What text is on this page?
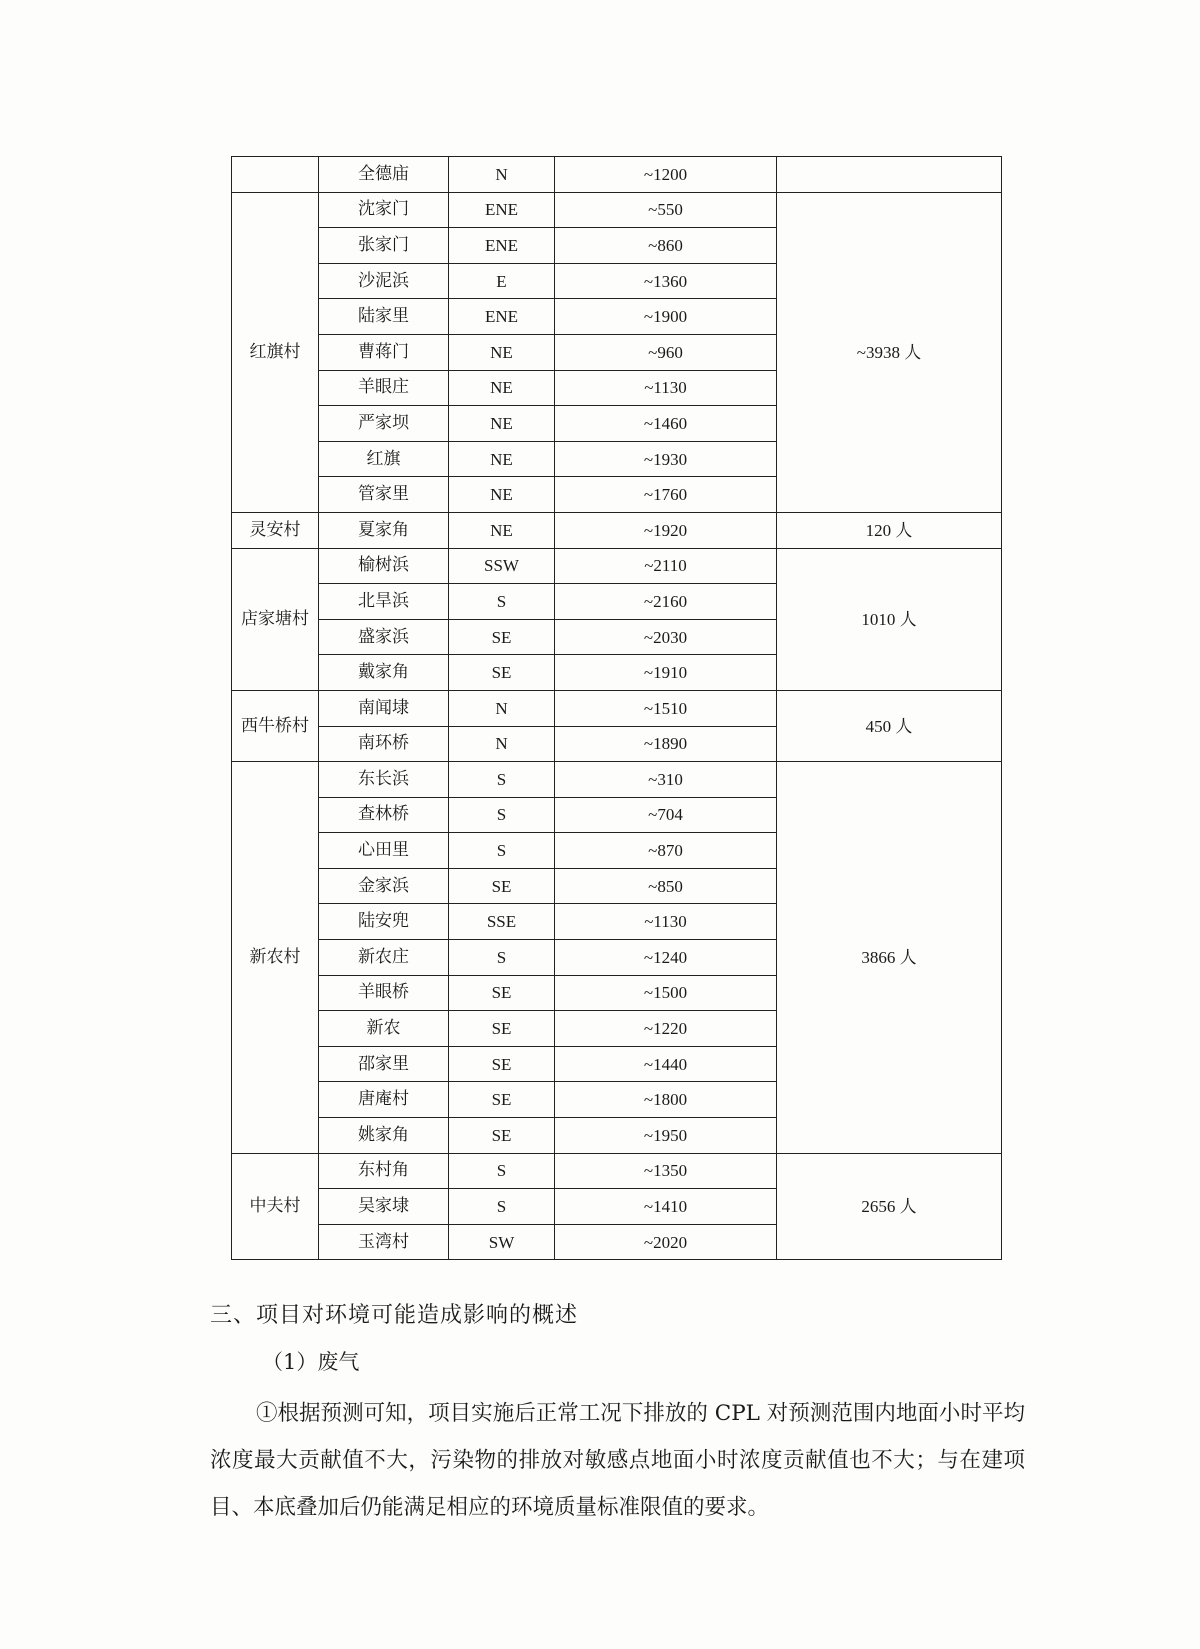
	全德庙	N	~1200	
红旗村	沈家门	ENE	~550	~3938 人
	张家门	ENE	~860	
	沙泥浜	E	~1360	
	陆家里	ENE	~1900	
	曹蒋门	NE	~960	
	羊眼庄	NE	~1130	
	严家坝	NE	~1460	
	红旗	NE	~1930	
	管家里	NE	~1760	
灵安村	夏家角	NE	~1920	120 人
店家塘村	榆树浜	SSW	~2110	1010 人
	北旱浜	S	~2160	
	盛家浜	SE	~2030	
	戴家角	SE	~1910	
西牛桥村	南闻埭	N	~1510	450 人
	南环桥	N	~1890	
新农村	东长浜	S	~310	3866 人
	查林桥	S	~704	
	心田里	S	~870	
	金家浜	SE	~850	
	陆安兜	SSE	~1130	
	新农庄	S	~1240	
	羊眼桥	SE	~1500	
	新农	SE	~1220	
	邵家里	SE	~1440	
	唐庵村	SE	~1800	
	姚家角	SE	~1950	
中夫村	东村角	S	~1350	2656 人
	吴家埭	S	~1410	
	玉湾村	SW	~2020	
三、项目对环境可能造成影响的概述
（1）废气
①根据预测可知，项目实施后正常工况下排放的 CPL 对预测范围内地面小时平均浓度最大贡献值不大，污染物的排放对敏感点地面小时浓度贡献值也不大；与在建项目、本底叠加后仍能满足相应的环境质量标准限值的要求。
